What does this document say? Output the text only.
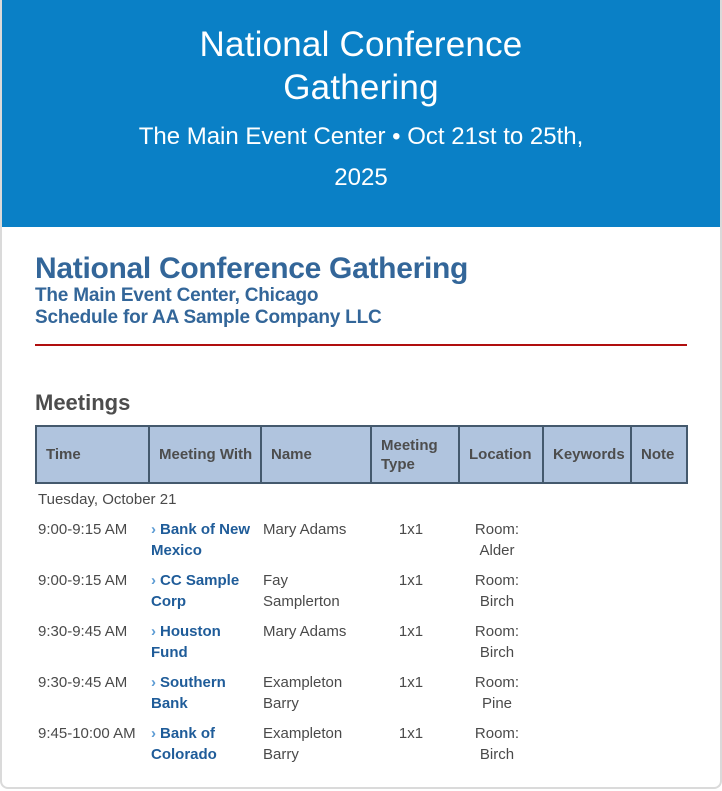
National Conference Gathering
The Main Event Center • Oct 21st to 25th, 2025
National Conference Gathering
The Main Event Center, Chicago
Schedule for AA Sample Company LLC
Meetings
Time	Meeting With	Name	Meeting Type	Location	Keywords	Note
Tuesday, October 21						
9:00-9:15 AM	› Bank of New Mexico	Mary Adams	1x1	Room:
Alder		

9:00-9:15 AM	› CC Sample Corp	Fay Samplerton	1x1	Room:
Birch		

9:30-9:45 AM	› Houston Fund	Mary Adams	1x1	Room:
Birch		

9:30-9:45 AM	› Southern Bank	Exampleton Barry	1x1	Room:
Pine		

9:45-10:00 AM	› Bank of Colorado	Exampleton Barry	1x1	Room:
Birch		
